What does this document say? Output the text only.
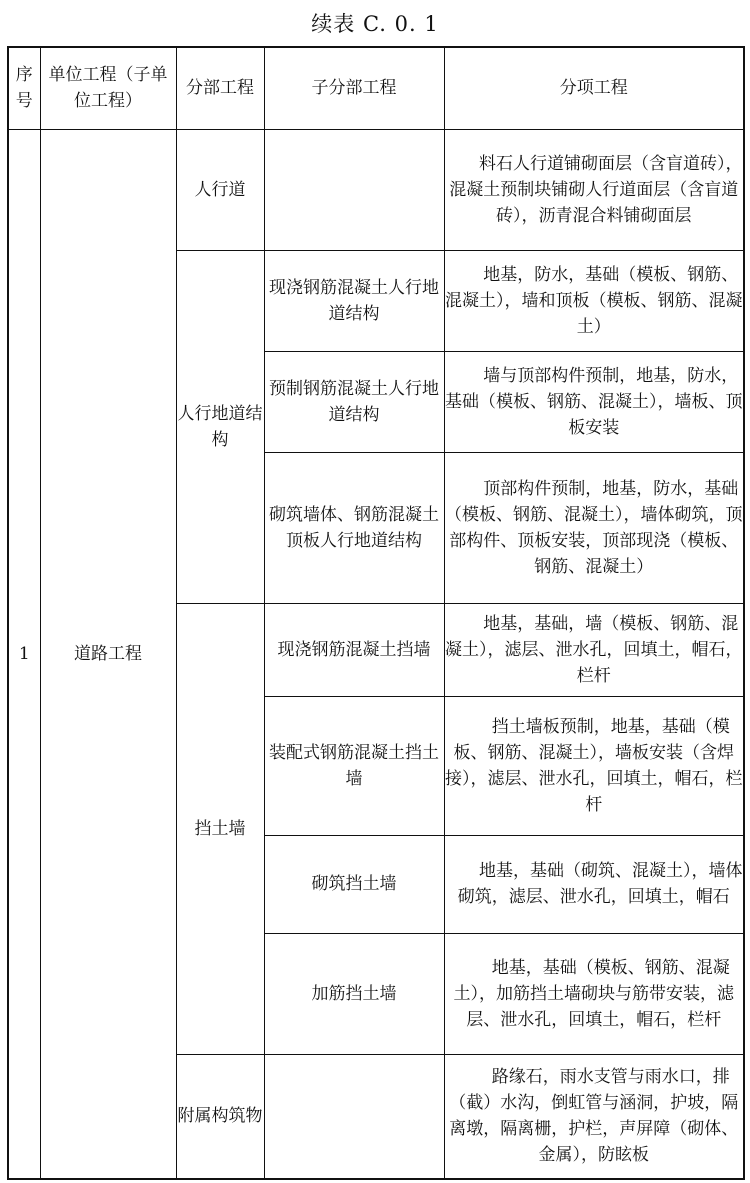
续表 C. 0. 1
序号	单位工程（子单位工程）	分部工程	子分部工程	分项工程
1	道路工程	人行道		料石人行道铺砌面层（含盲道砖），混凝土预制块铺砌人行道面层（含盲道砖），沥青混合料铺砌面层
		人行地道结构	现浇钢筋混凝土人行地道结构	地基，防水，基础（模板、钢筋、混凝土），墙和顶板（模板、钢筋、混凝土）
			预制钢筋混凝土人行地道结构	墙与顶部构件预制，地基，防水，基础（模板、钢筋、混凝土），墙板、顶板安装
			砌筑墙体、钢筋混凝土顶板人行地道结构	顶部构件预制，地基，防水，基础（模板、钢筋、混凝土），墙体砌筑，顶部构件、顶板安装，顶部现浇（模板、钢筋、混凝土）
		挡土墙	现浇钢筋混凝土挡墙	地基，基础，墙（模板、钢筋、混凝土），滤层、泄水孔，回填土，帽石，栏杆
			装配式钢筋混凝土挡土墙	挡土墙板预制，地基，基础（模板、钢筋、混凝土），墙板安装（含焊接），滤层、泄水孔，回填土，帽石，栏杆
			砌筑挡土墙	地基，基础（砌筑、混凝土），墙体砌筑，滤层、泄水孔，回填土，帽石
			加筋挡土墙	地基，基础（模板、钢筋、混凝土），加筋挡土墙砌块与筋带安装，滤层、泄水孔，回填土，帽石，栏杆
		附属构筑物		路缘石，雨水支管与雨水口，排（截）水沟，倒虹管与涵洞，护坡，隔离墩，隔离栅，护栏，声屏障（砌体、金属），防眩板
